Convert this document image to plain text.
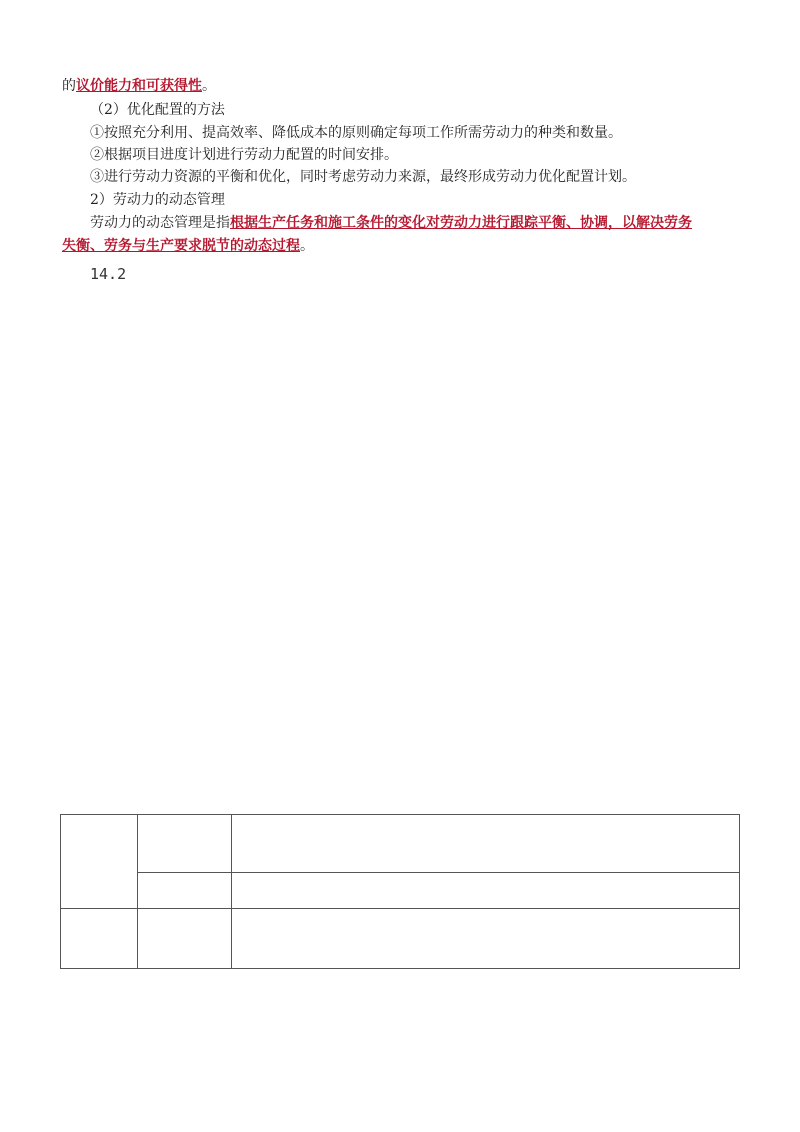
的议价能力和可获得性。
（2）优化配置的方法
①按照充分利用、提高效率、降低成本的原则确定每项工作所需劳动力的种类和数量。
②根据项目进度计划进行劳动力配置的时间安排。
③进行劳动力资源的平衡和优化，同时考虑劳动力来源，最终形成劳动力优化配置计划。
2）劳动力的动态管理
劳动力的动态管理是指根据生产任务和施工条件的变化对劳动力进行跟踪平衡、协调，以解决劳务
失衡、劳务与生产要求脱节的动态过程。
14.2
